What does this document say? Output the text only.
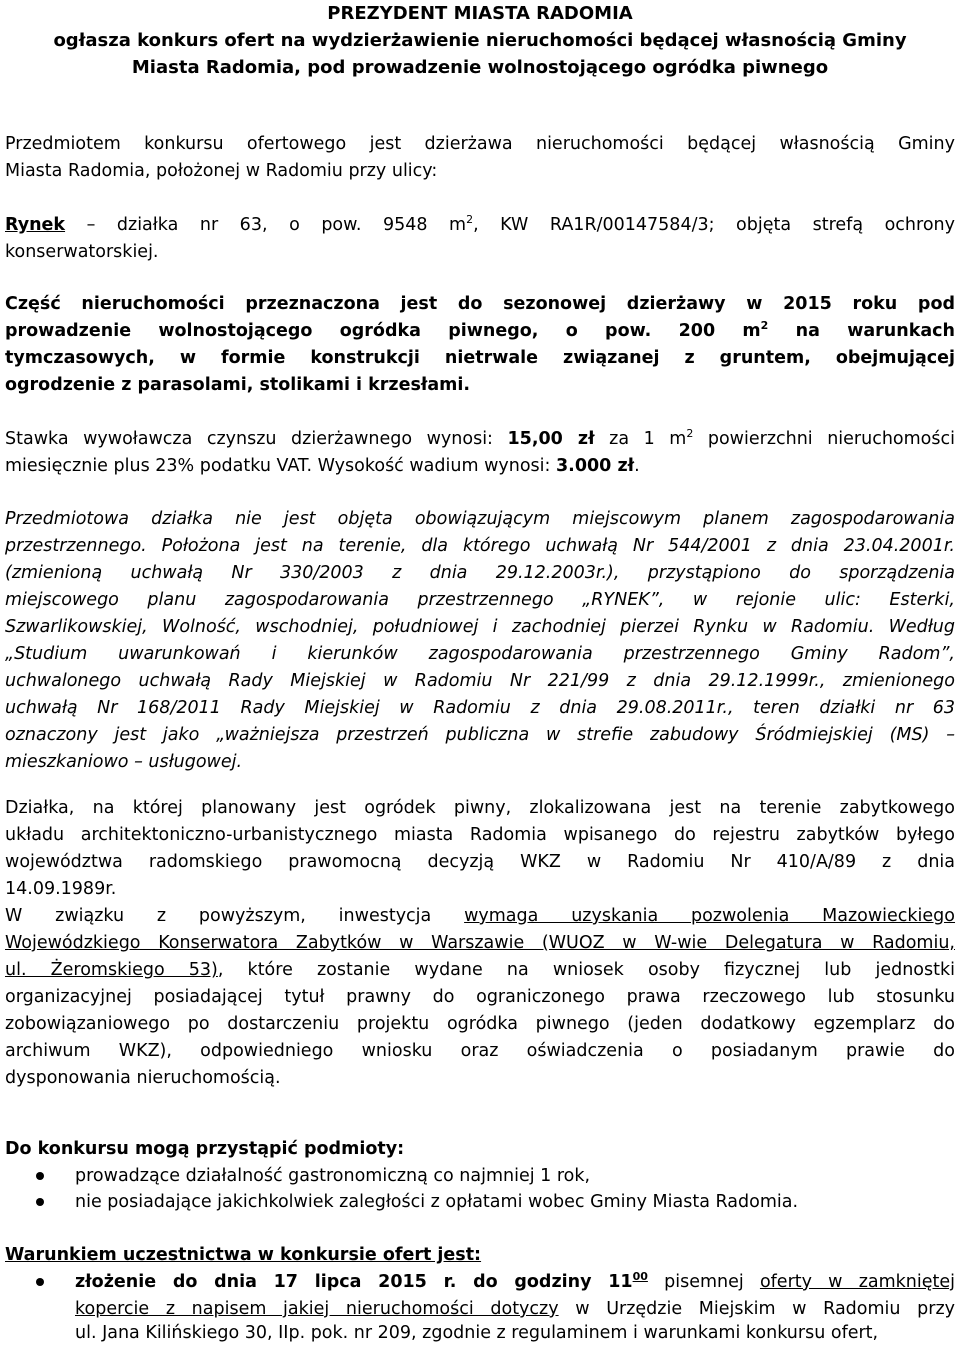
PREZYDENT MIASTA RADOMIA
ogłasza konkurs ofert na wydzierżawienie nieruchomości będącej własnością Gminy
Miasta Radomia, pod prowadzenie wolnostojącego ogródka piwnego
Przedmiotem konkursu ofertowego jest dzierżawa nieruchomości będącej własnością Gminy
Miasta Radomia, położonej w Radomiu przy ulicy:
Rynek – działka nr 63, o pow. 9548 $m^2$, KW RA1R/00147584/3; objęta strefą ochrony
konserwatorskiej.
Część nieruchomości przeznaczona jest do sezonowej dzierżawy w 2015 roku pod
prowadzenie wolnostojącego ogródka piwnego, o pow. 200 $m^2$ na warunkach
tymczasowych, w formie konstrukcji nietrwale związanej z gruntem, obejmującej
ogrodzenie z parasolami, stolikami i krzesłami.
Stawka wywoławcza czynszu dzierżawnego wynosi: 15,00 zł za 1 $m^2$ powierzchni nieruchomości
miesięcznie plus 23% podatku VAT. Wysokość wadium wynosi: 3.000 zł.
Przedmiotowa działka nie jest objęta obowiązującym miejscowym planem zagospodarowania
przestrzennego. Położona jest na terenie, dla którego uchwałą Nr 544/2001 z dnia 23.04.2001r.
(zmienioną uchwałą Nr 330/2003 z dnia 29.12.2003r.), przystąpiono do sporządzenia
miejscowego planu zagospodarowania przestrzennego „RYNEK”, w rejonie ulic: Esterki,
Szwarlikowskiej, Wolność, wschodniej, południowej i zachodniej pierzei Rynku w Radomiu. Według
„Studium uwarunkowań i kierunków zagospodarowania przestrzennego Gminy Radom”,
uchwalonego uchwałą Rady Miejskiej w Radomiu Nr 221/99 z dnia 29.12.1999r., zmienionego
uchwałą Nr 168/2011 Rady Miejskiej w Radomiu z dnia 29.08.2011r., teren działki nr 63
oznaczony jest jako „ważniejsza przestrzeń publiczna w strefie zabudowy Śródmiejskiej (MS) –
mieszkaniowo – usługowej.
Działka, na której planowany jest ogródek piwny, zlokalizowana jest na terenie zabytkowego
układu architektoniczno-urbanistycznego miasta Radomia wpisanego do rejestru zabytków byłego
województwa radomskiego prawomocną decyzją WKZ w Radomiu Nr 410/A/89 z dnia
14.09.1989r.
W związku z powyższym, inwestycja wymaga uzyskania pozwolenia Mazowieckiego
Wojewódzkiego Konserwatora Zabytków w Warszawie (WUOZ w W-wie Delegatura w Radomiu,
ul. Żeromskiego 53), które zostanie wydane na wniosek osoby fizycznej lub jednostki
organizacyjnej posiadającej tytuł prawny do ograniczonego prawa rzeczowego lub stosunku
zobowiązaniowego po dostarczeniu projektu ogródka piwnego (jeden dodatkowy egzemplarz do
archiwum WKZ), odpowiedniego wniosku oraz oświadczenia o posiadanym prawie do
dysponowania nieruchomością.
Do konkursu mogą przystąpić podmioty:
prowadzące działalność gastronomiczną co najmniej 1 rok,
nie posiadające jakichkolwiek zaległości z opłatami wobec Gminy Miasta Radomia.
Warunkiem uczestnictwa w konkursie ofert jest:
złożenie do dnia 17 lipca 2015 r. do godziny $11^{00}$ pisemnej oferty w zamkniętej
kopercie z napisem jakiej nieruchomości dotyczy w Urzędzie Miejskim w Radomiu przy
ul. Jana Kilińskiego 30, IIp. pok. nr 209, zgodnie z regulaminem i warunkami konkursu ofert,
